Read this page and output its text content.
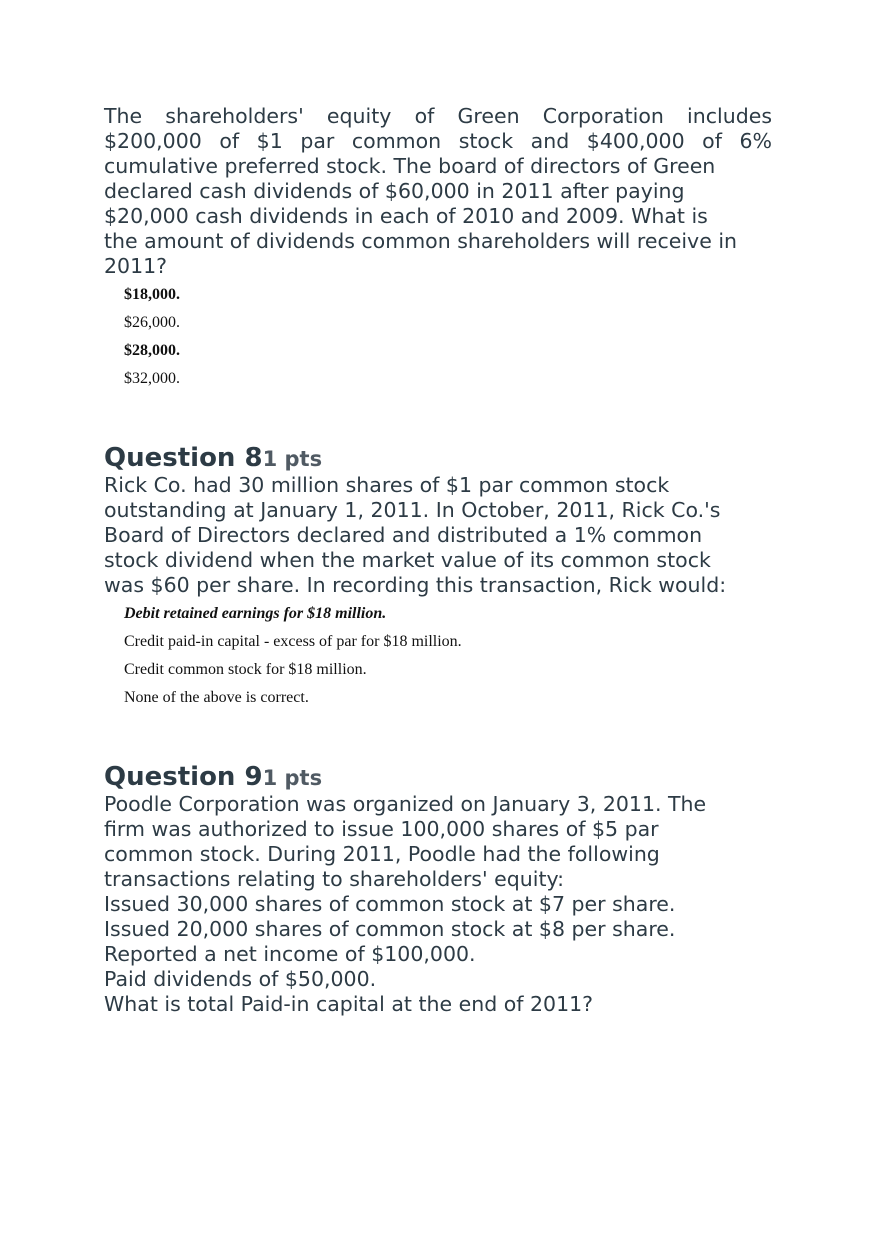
The shareholders' equity of Green Corporation includes
$200,000 of $1 par common stock and $400,000 of 6%
cumulative preferred stock. The board of directors of Green
declared cash dividends of $60,000 in 2011 after paying
$20,000 cash dividends in each of 2010 and 2009. What is
the amount of dividends common shareholders will receive in
2011?
$18,000.
$26,000.
$28,000.
$32,000.
Question 81 pts
Rick Co. had 30 million shares of $1 par common stock
outstanding at January 1, 2011. In October, 2011, Rick Co.'s
Board of Directors declared and distributed a 1% common
stock dividend when the market value of its common stock
was $60 per share. In recording this transaction, Rick would:
Debit retained earnings for $18 million.
Credit paid-in capital - excess of par for $18 million.
Credit common stock for $18 million.
None of the above is correct.
Question 91 pts
Poodle Corporation was organized on January 3, 2011. The
firm was authorized to issue 100,000 shares of $5 par
common stock. During 2011, Poodle had the following
transactions relating to shareholders' equity:
Issued 30,000 shares of common stock at $7 per share.
Issued 20,000 shares of common stock at $8 per share.
Reported a net income of $100,000.
Paid dividends of $50,000.
What is total Paid-in capital at the end of 2011?
